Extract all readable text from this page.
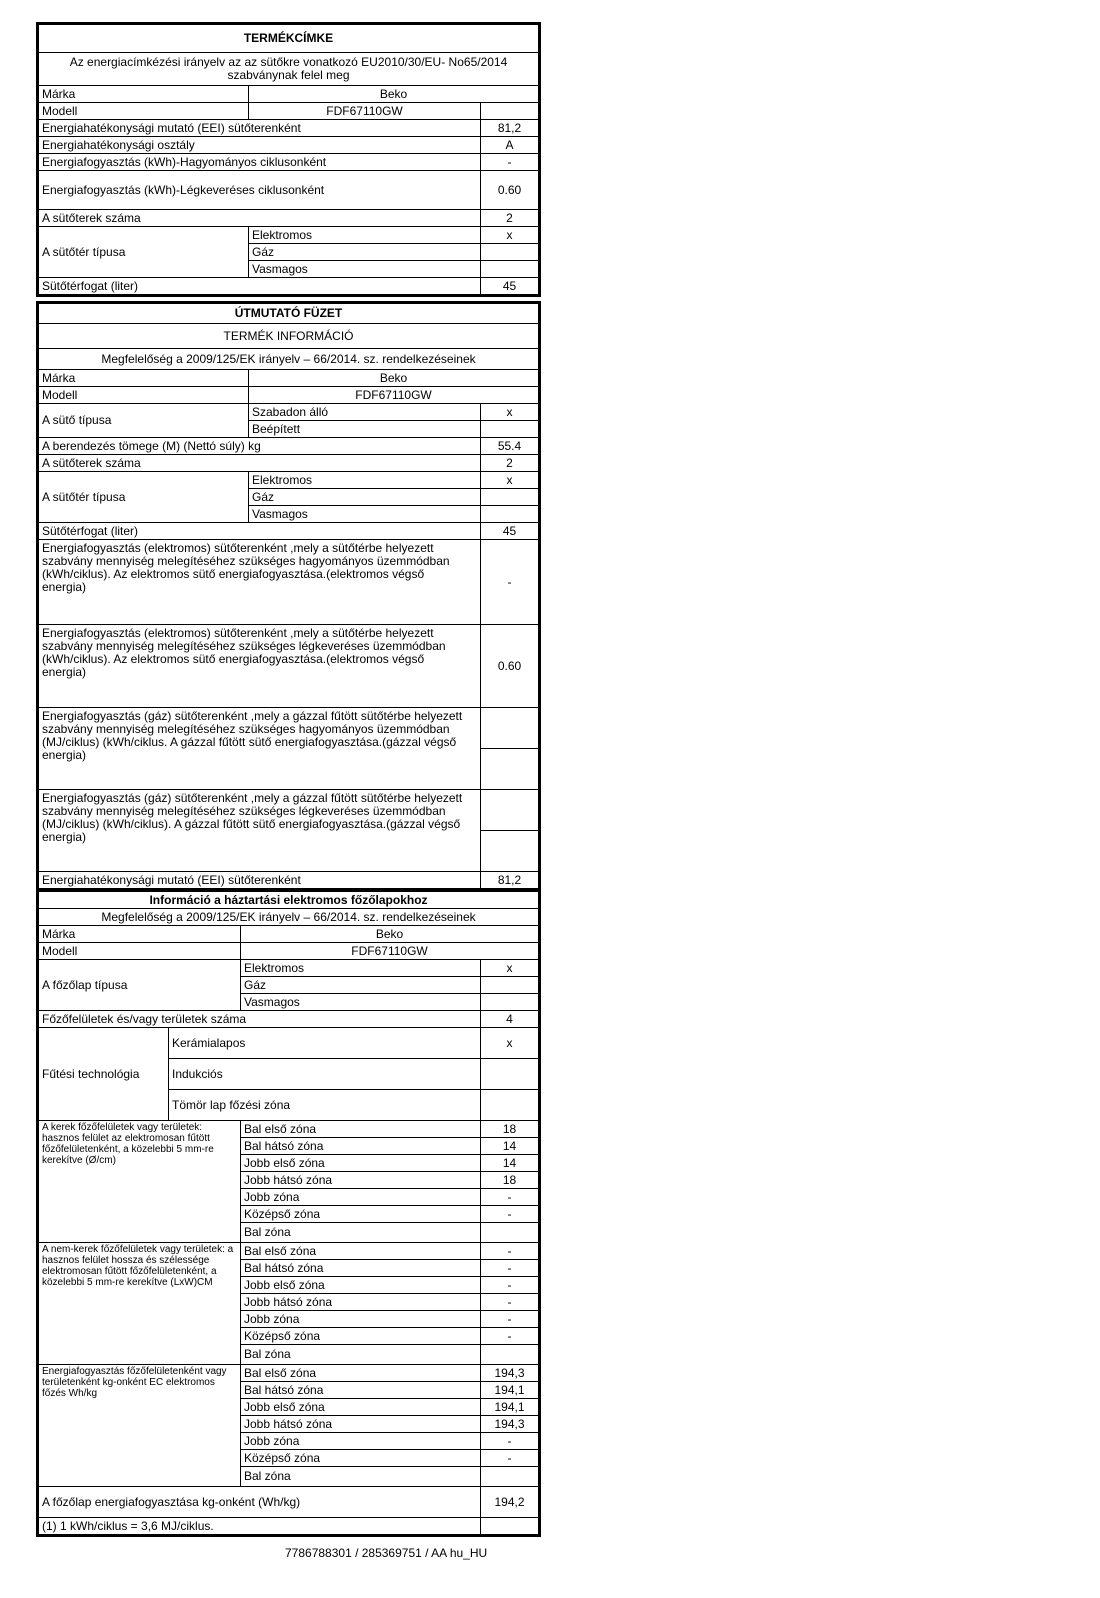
TERMÉKCÍMKE		
Az energiacímkézési irányelv az az sütőkre vonatkozó EU2010/30/EU- No65/2014 szabványnak felel meg		
Márka	Beko	
Modell	FDF67110GW	
Energiahatékonysági mutató (EEI) sütőterenként		81,2
Energiahatékonysági osztály		A
Energiafogyasztás (kWh)-Hagyományos ciklusonként		-
Energiafogyasztás (kWh)-Légkeveréses ciklusonként		0.60
A sütőterek száma		2
A sütőtér típusa	Elektromos	x
	Gáz	
	Vasmagos	
Sütőtérfogat (liter)		45
ÚTMUTATÓ FÜZET		
TERMÉK INFORMÁCIÓ		
Megfelelőség a 2009/125/EK irányelv – 66/2014. sz. rendelkezéseinek		
Márka	Beko	
Modell	FDF67110GW	
A sütő típusa	Szabadon álló	x
	Beépített	
A berendezés tömege (M) (Nettó súly) kg		55.4
A sütőterek száma		2
A sütőtér típusa	Elektromos	x
	Gáz	
	Vasmagos	
Sütőtérfogat (liter)		45
Energiafogyasztás (elektromos) sütőterenként ,mely a sütőtérbe helyezett szabvány mennyiség melegítéséhez szükséges hagyományos üzemmódban (kWh/ciklus). Az elektromos sütő energiafogyasztása.(elektromos végső energia)		-
Energiafogyasztás (elektromos) sütőterenként ,mely a sütőtérbe helyezett szabvány mennyiség melegítéséhez szükséges légkeveréses üzemmódban (kWh/ciklus). Az elektromos sütő energiafogyasztása.(elektromos végső energia)		0.60
Energiafogyasztás (gáz) sütőterenként ,mely a gázzal fűtött sütőtérbe helyezett szabvány mennyiség melegítéséhez szükséges hagyományos üzemmódban (MJ/ciklus) (kWh/ciklus. A gázzal fűtött sütő energiafogyasztása.(gázzal végső energia)		

Energiafogyasztás (gáz) sütőterenként ,mely a gázzal fűtött sütőtérbe helyezett szabvány mennyiség melegítéséhez szükséges légkeveréses üzemmódban (MJ/ciklus) (kWh/ciklus). A gázzal fűtött sütő energiafogyasztása.(gázzal végső energia)		

Energiahatékonysági mutató (EEI) sütőterenként		81,2
Információ a háztartási elektromos főzőlapokhoz			
Megfelelőség a 2009/125/EK irányelv – 66/2014. sz. rendelkezéseinek			
Márka		Beko	
Modell		FDF67110GW	
A főzőlap típusa		Elektromos	x
		Gáz	
		Vasmagos	
Főzőfelületek és/vagy területek száma			4
Fűtési technológia	Kerámialapos		x
	Indukciós		
	Tömör lap főzési zóna		
A kerek főzőfelületek vagy területek: hasznos felület az elektromosan fűtött főzőfelületenként, a közelebbi 5 mm-re kerekítve (Ø/cm)		Bal első zóna	18
		Bal hátsó zóna	14
		Jobb első zóna	14
		Jobb hátsó zóna	18
		Jobb zóna	-
		Középső zóna	-
		Bal zóna	
A nem-kerek főzőfelületek vagy területek: a hasznos felület hossza és szélessége elektromosan fűtött főzőfelületenként, a közelebbi 5 mm-re kerekítve (LxW)CM		Bal első zóna	-
		Bal hátsó zóna	-
		Jobb első zóna	-
		Jobb hátsó zóna	-
		Jobb zóna	-
		Középső zóna	-
		Bal zóna	
Energiafogyasztás főzőfelületenként vagy területenként kg-onként EC elektromos főzés Wh/kg		Bal első zóna	194,3
		Bal hátsó zóna	194,1
		Jobb első zóna	194,1
		Jobb hátsó zóna	194,3
		Jobb zóna	-
		Középső zóna	-
		Bal zóna	
A főzőlap energiafogyasztása kg-onként (Wh/kg)			194,2
(1) 1 kWh/ciklus = 3,6 MJ/ciklus.			
7786788301 / 285369751 / AA hu_HU
